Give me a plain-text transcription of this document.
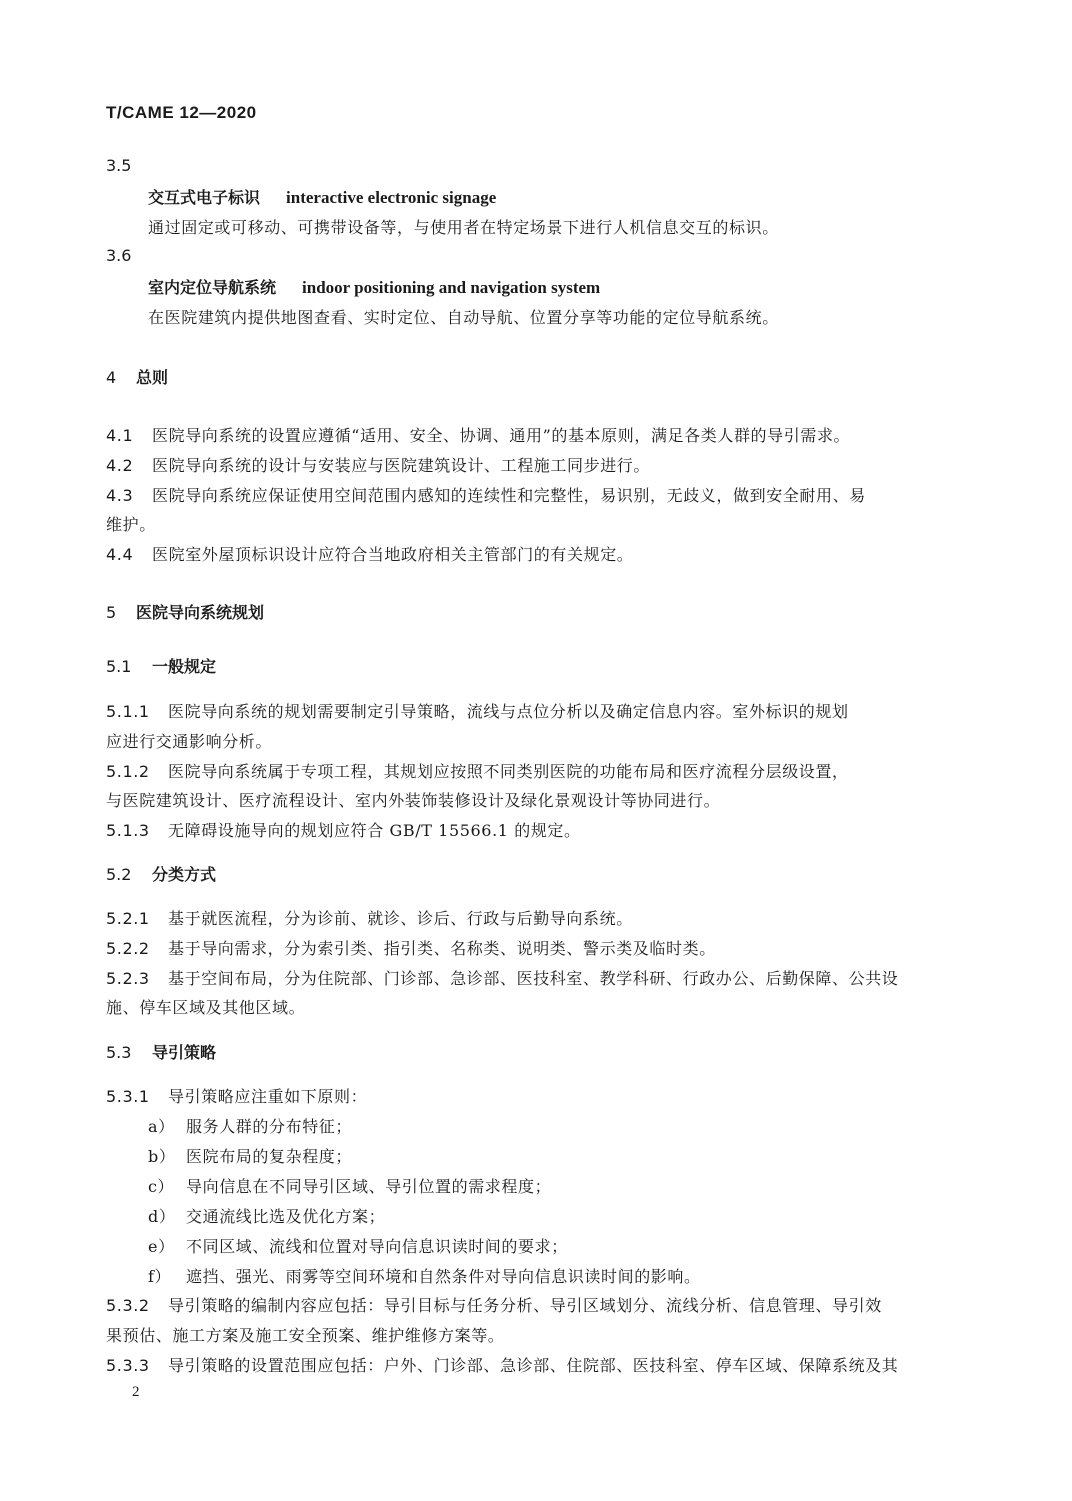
T/CAME 12—2020
3.5
交互式电子标识 interactive electronic signage
通过固定或可移动、可携带设备等，与使用者在特定场景下进行人机信息交互的标识。
3.6
室内定位导航系统 indoor positioning and navigation system
在医院建筑内提供地图查看、实时定位、自动导航、位置分享等功能的定位导航系统。
4 总则
4.1 医院导向系统的设置应遵循“适用、安全、协调、通用”的基本原则，满足各类人群的导引需求。
4.2 医院导向系统的设计与安装应与医院建筑设计、工程施工同步进行。
4.3 医院导向系统应保证使用空间范围内感知的连续性和完整性，易识别，无歧义，做到安全耐用、易
维护。
4.4 医院室外屋顶标识设计应符合当地政府相关主管部门的有关规定。
5 医院导向系统规划
5.1 一般规定
5.1.1 医院导向系统的规划需要制定引导策略，流线与点位分析以及确定信息内容。室外标识的规划
应进行交通影响分析。
5.1.2 医院导向系统属于专项工程，其规划应按照不同类别医院的功能布局和医疗流程分层级设置，
与医院建筑设计、医疗流程设计、室内外装饰装修设计及绿化景观设计等协同进行。
5.1.3 无障碍设施导向的规划应符合 GB/T 15566.1 的规定。
5.2 分类方式
5.2.1 基于就医流程，分为诊前、就诊、诊后、行政与后勤导向系统。
5.2.2 基于导向需求，分为索引类、指引类、名称类、说明类、警示类及临时类。
5.2.3 基于空间布局，分为住院部、门诊部、急诊部、医技科室、教学科研、行政办公、后勤保障、公共设
施、停车区域及其他区域。
5.3 导引策略
5.3.1 导引策略应注重如下原则：
a） 服务人群的分布特征；
b） 医院布局的复杂程度；
c） 导向信息在不同导引区域、导引位置的需求程度；
d） 交通流线比选及优化方案；
e） 不同区域、流线和位置对导向信息识读时间的要求；
f） 遮挡、强光、雨雾等空间环境和自然条件对导向信息识读时间的影响。
5.3.2 导引策略的编制内容应包括：导引目标与任务分析、导引区域划分、流线分析、信息管理、导引效
果预估、施工方案及施工安全预案、维护维修方案等。
5.3.3 导引策略的设置范围应包括：户外、门诊部、急诊部、住院部、医技科室、停车区域、保障系统及其
2
